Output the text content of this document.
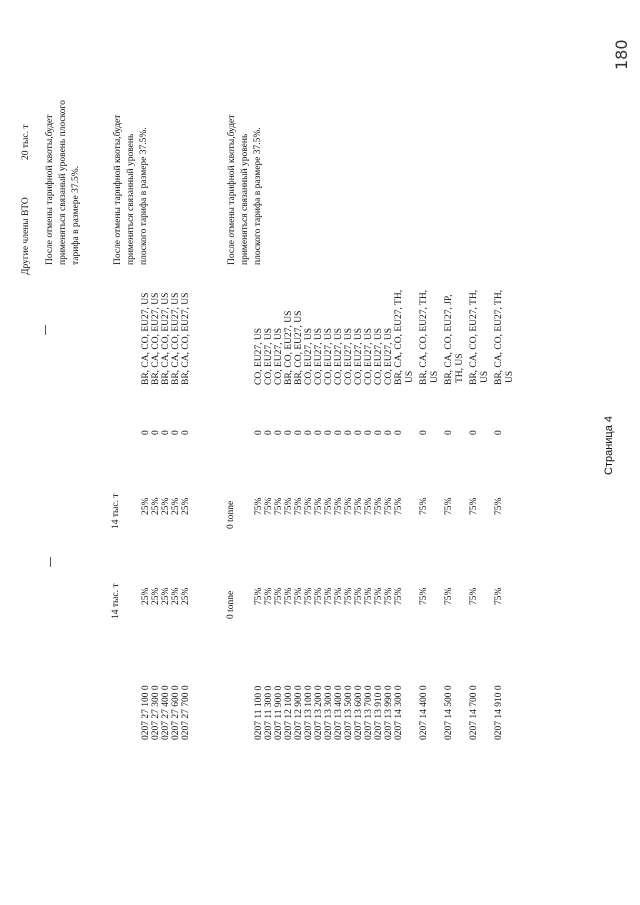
Другие члены ВТО
20 тыс. т После отмены тарифной квоты,будет применяться связаный уровень плоского тарифа в размере 37.5%.
14 тыс. т
14 тыс. т
После отмены тарифной квоты,будет применяться связанный уровень плоского тарифа в размере 37.5%.
0207 27 100 0
25%
25%
0
BR, CA, CO, EU27, US
0207 27 300 0
25%
25%
0
BR, CA, CO, EU27, US
0207 27 400 0
25%
25%
0
BR, CA, CO, EU27, US
0207 27 600 0
25%
25%
0
BR, CA, CO, EU27, US
0207 27 700 0
25%
25%
0
BR, CA, CO, EU27, US
0 tonne
0 tonne
После отмены тарифной квоты,будет применяться связанный уровень плоского тарифа в размере 37.5%.
0207 11 100 0
75%
75%
0
CO, EU27, US
0207 11 300 0
75%
75%
0
CO, EU27, US
0207 11 900 0
75%
75%
0
CO, EU27, US
0207 12 100 0
75%
75%
0
BR, CO, EU27, US
0207 12 900 0
75%
75%
0
BR, CO, EU27, US
0207 13 100 0
75%
75%
0
CO, EU27, US
0207 13 200 0
75%
75%
0
CO, EU27, US
0207 13 300 0
75%
75%
0
CO, EU27, US
0207 13 400 0
75%
75%
0
CO, EU27, US
0207 13 500 0
75%
75%
0
CO, EU27, US
0207 13 600 0
75%
75%
0
CO, EU27, US
0207 13 700 0
75%
75%
0
CO, EU27, US
0207 13 910 0
75%
75%
0
CO, EU27, US
0207 13 990 0
75%
75%
0
CO, EU27, US
0207 14 300 0
75%
75%
0
BR, CA, CO, EU27, TH, US
0207 14 400 0
75%
75%
0
BR, CA, CO, EU27, TH, US
0207 14 500 0
75%
75%
0
BR, CA, CO, EU27, JP, TH, US
0207 14 700 0
75%
75%
0
BR, CA, CO, EU27, TH, US
0207 14 910 0
75%
75%
0
BR, CA, CO, EU27, TH, US
Страница 4
180
